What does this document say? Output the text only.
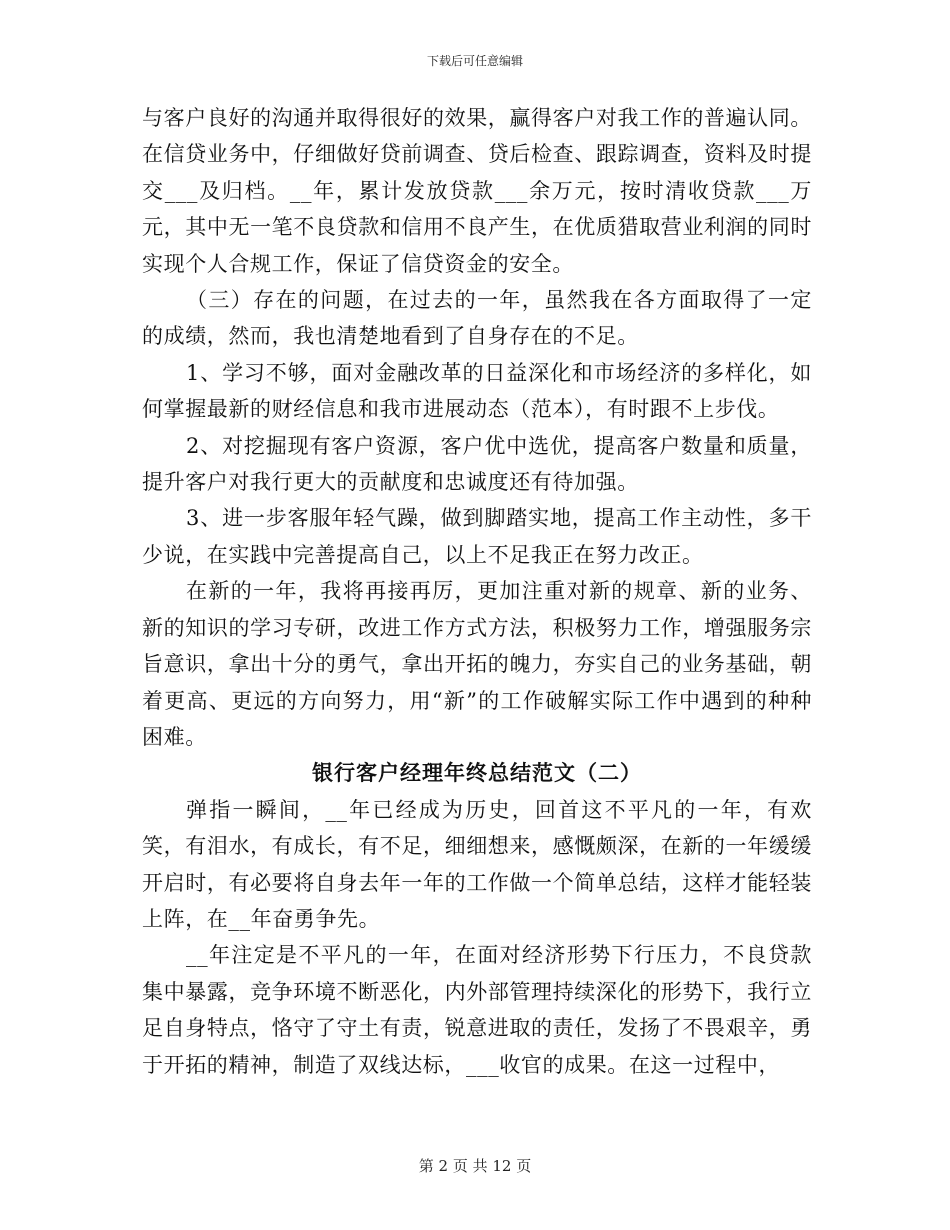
下载后可任意编辑

与客户良好的沟通并取得很好的效果，赢得客户对我工作的普遍认同。在信贷业务中，仔细做好贷前调查、贷后检查、跟踪调查，资料及时提交___及归档。__年，累计发放贷款___余万元，按时清收贷款___万元，其中无一笔不良贷款和信用不良产生，在优质猎取营业利润的同时实现个人合规工作，保证了信贷资金的安全。

（三）存在的问题，在过去的一年，虽然我在各方面取得了一定的成绩，然而，我也清楚地看到了自身存在的不足。

1、学习不够，面对金融改革的日益深化和市场经济的多样化，如何掌握最新的财经信息和我市进展动态（范本），有时跟不上步伐。

2、对挖掘现有客户资源，客户优中选优，提高客户数量和质量，提升客户对我行更大的贡献度和忠诚度还有待加强。

3、进一步客服年轻气躁，做到脚踏实地，提高工作主动性，多干少说，在实践中完善提高自己，以上不足我正在努力改正。

在新的一年，我将再接再厉，更加注重对新的规章、新的业务、新的知识的学习专研，改进工作方式方法，积极努力工作，增强服务宗旨意识，拿出十分的勇气，拿出开拓的魄力，夯实自己的业务基础，朝着更高、更远的方向努力，用“新”的工作破解实际工作中遇到的种种困难。

银行客户经理年终总结范文（二）

弹指一瞬间，__年已经成为历史，回首这不平凡的一年，有欢笑，有泪水，有成长，有不足，细细想来，感慨颇深，在新的一年缓缓开启时，有必要将自身去年一年的工作做一个简单总结，这样才能轻装上阵，在__年奋勇争先。

__年注定是不平凡的一年，在面对经济形势下行压力，不良贷款集中暴露，竞争环境不断恶化，内外部管理持续深化的形势下，我行立足自身特点，恪守了守土有责，锐意进取的责任，发扬了不畏艰辛，勇于开拓的精神，制造了双线达标，___收官的成果。在这一过程中，

第 2 页 共 12 页
